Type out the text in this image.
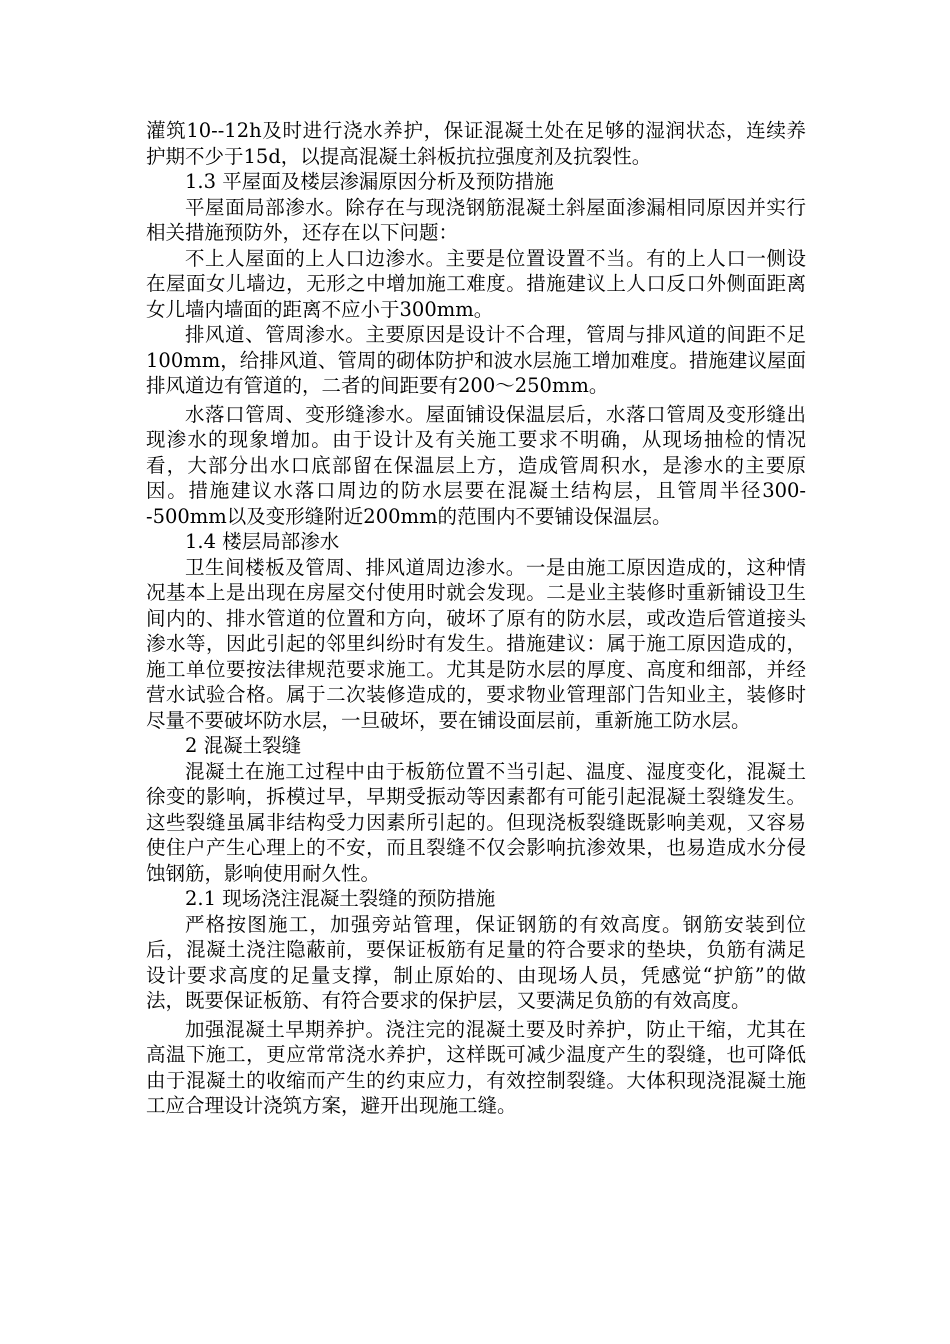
灌筑10--12h及时进行浇水养护，保证混凝土处在足够的湿润状态，连续养护期不少于15d，以提高混凝土斜板抗拉强度剂及抗裂性。

1.3 平屋面及楼层渗漏原因分析及预防措施

平屋面局部渗水。除存在与现浇钢筋混凝土斜屋面渗漏相同原因并实行相关措施预防外，还存在以下问题：

不上人屋面的上人口边渗水。主要是位置设置不当。有的上人口一侧设在屋面女儿墙边，无形之中增加施工难度。措施建议上人口反口外侧面距离女儿墙内墙面的距离不应小于300mm。

排风道、管周渗水。主要原因是设计不合理，管周与排风道的间距不足100mm，给排风道、管周的砌体防护和波水层施工增加难度。措施建议屋面排风道边有管道的，二者的间距要有200～250mm。

水落口管周、变形缝渗水。屋面铺设保温层后，水落口管周及变形缝出现渗水的现象增加。由于设计及有关施工要求不明确，从现场抽检的情况看，大部分出水口底部留在保温层上方，造成管周积水，是渗水的主要原因。措施建议水落口周边的防水层要在混凝土结构层，且管周半径300--500mm以及变形缝附近200mm的范围内不要铺设保温层。

1.4 楼层局部渗水

卫生间楼板及管周、排风道周边渗水。一是由施工原因造成的，这种情况基本上是出现在房屋交付使用时就会发现。二是业主装修时重新铺设卫生间内的、排水管道的位置和方向，破坏了原有的防水层，或改造后管道接头渗水等，因此引起的邻里纠纷时有发生。措施建议：属于施工原因造成的，施工单位要按法律规范要求施工。尤其是防水层的厚度、高度和细部，并经营水试验合格。属于二次装修造成的，要求物业管理部门告知业主，装修时尽量不要破坏防水层，一旦破坏，要在铺设面层前，重新施工防水层。

2 混凝土裂缝

混凝土在施工过程中由于板筋位置不当引起、温度、湿度变化，混凝土徐变的影响，拆模过早，早期受振动等因素都有可能引起混凝土裂缝发生。 这些裂缝虽属非结构受力因素所引起的。但现浇板裂缝既影响美观，又容易使住户产生心理上的不安，而且裂缝不仅会影响抗渗效果，也易造成水分侵蚀钢筋，影响使用耐久性。

2.1 现场浇注混凝土裂缝的预防措施

严格按图施工，加强旁站管理，保证钢筋的有效高度。钢筋安装到位后，混凝土浇注隐蔽前，要保证板筋有足量的符合要求的垫块，负筋有满足设计要求高度的足量支撑，制止原始的、由现场人员，凭感觉“护筋”的做法，既要保证板筋、有符合要求的保护层，又要满足负筋的有效高度。

加强混凝土早期养护。浇注完的混凝土要及时养护，防止干缩，尤其在高温下施工，更应常常浇水养护，这样既可减少温度产生的裂缝，也可降低由于混凝土的收缩而产生的约束应力，有效控制裂缝。大体积现浇混凝土施工应合理设计浇筑方案，避开出现施工缝。
